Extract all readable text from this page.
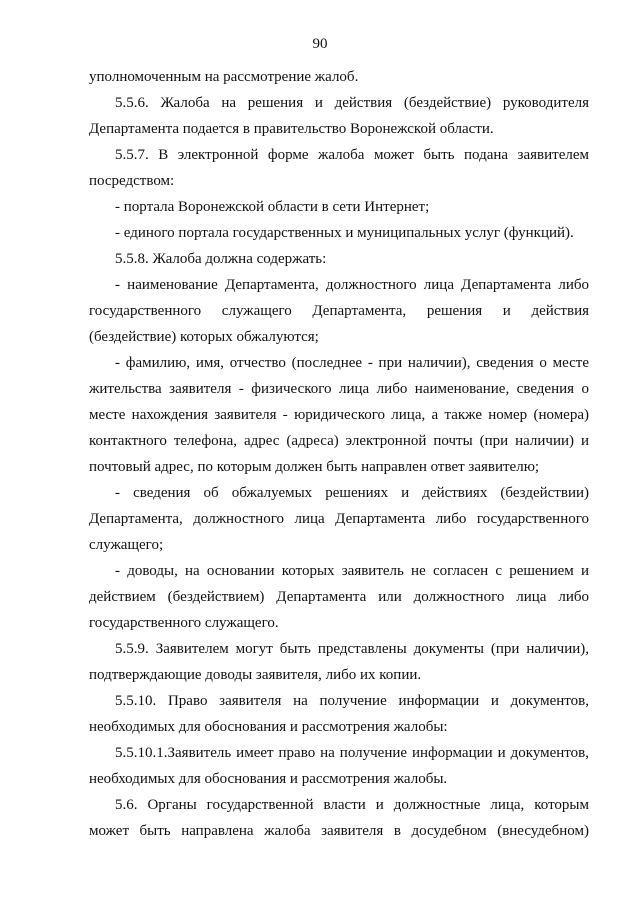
90

уполномоченным на рассмотрение жалоб.

5.5.6. Жалоба на решения и действия (бездействие) руководителя Департамента подается в правительство Воронежской области.

5.5.7. В электронной форме жалоба может быть подана заявителем посредством:

- портала Воронежской области в сети Интернет;

- единого портала государственных и муниципальных услуг (функций).

5.5.8. Жалоба должна содержать:

- наименование Департамента, должностного лица Департамента либо государственного служащего Департамента, решения и действия (бездействие) которых обжалуются;

- фамилию, имя, отчество (последнее - при наличии), сведения о месте жительства заявителя - физического лица либо наименование, сведения о месте нахождения заявителя - юридического лица, а также номер (номера) контактного телефона, адрес (адреса) электронной почты (при наличии) и почтовый адрес, по которым должен быть направлен ответ заявителю;

- сведения об обжалуемых решениях и действиях (бездействии) Департамента, должностного лица Департамента либо государственного служащего;

- доводы, на основании которых заявитель не согласен с решением и действием (бездействием) Департамента или должностного лица либо государственного служащего.

5.5.9. Заявителем могут быть представлены документы (при наличии), подтверждающие доводы заявителя, либо их копии.

5.5.10. Право заявителя на получение информации и документов, необходимых для обоснования и рассмотрения жалобы:

5.5.10.1.Заявитель имеет право на получение информации и документов, необходимых для обоснования и рассмотрения жалобы.

5.6. Органы государственной власти и должностные лица, которым может быть направлена жалоба заявителя в досудебном (внесудебном)
